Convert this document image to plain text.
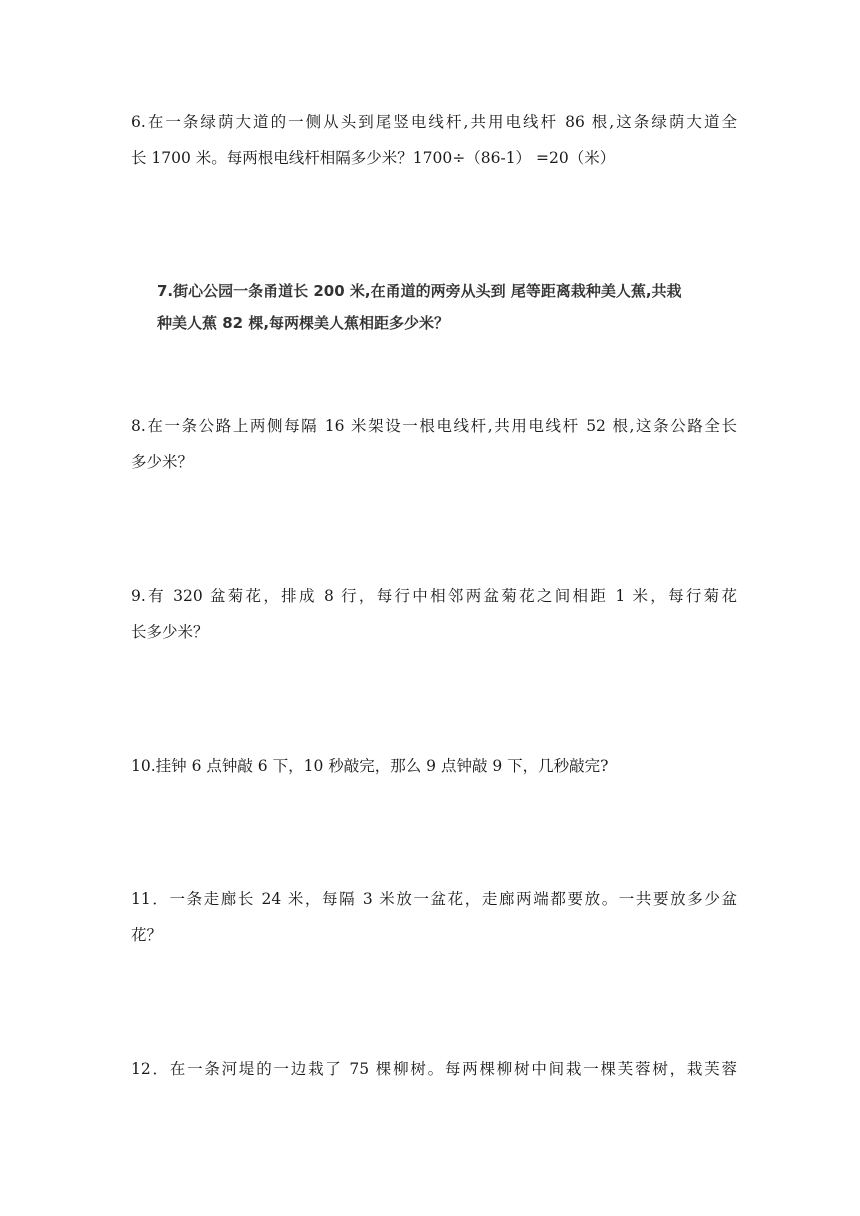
6.在一条绿荫大道的一侧从头到尾竖电线杆,共用电线杆 86 根,这条绿荫大道全
长 1700 米。每两根电线杆相隔多少米？1700÷（86-1） =20（米）
7.街心公园一条甬道长 200 米,在甬道的两旁从头到 尾等距离栽种美人蕉,共栽
种美人蕉 82 棵,每两棵美人蕉相距多少米？
8.在一条公路上两侧每隔 16 米架设一根电线杆,共用电线杆 52 根,这条公路全长
多少米？
9.有 320 盆菊花，排成 8 行，每行中相邻两盆菊花之间相距 1 米，每行菊花
长多少米？
10.挂钟 6 点钟敲 6 下，10 秒敲完，那么 9 点钟敲 9 下，几秒敲完?
11．一条走廊长 24 米，每隔 3 米放一盆花，走廊两端都要放。一共要放多少盆
花？
12．在一条河堤的一边栽了 75 棵柳树。每两棵柳树中间栽一棵芙蓉树，栽芙蓉
